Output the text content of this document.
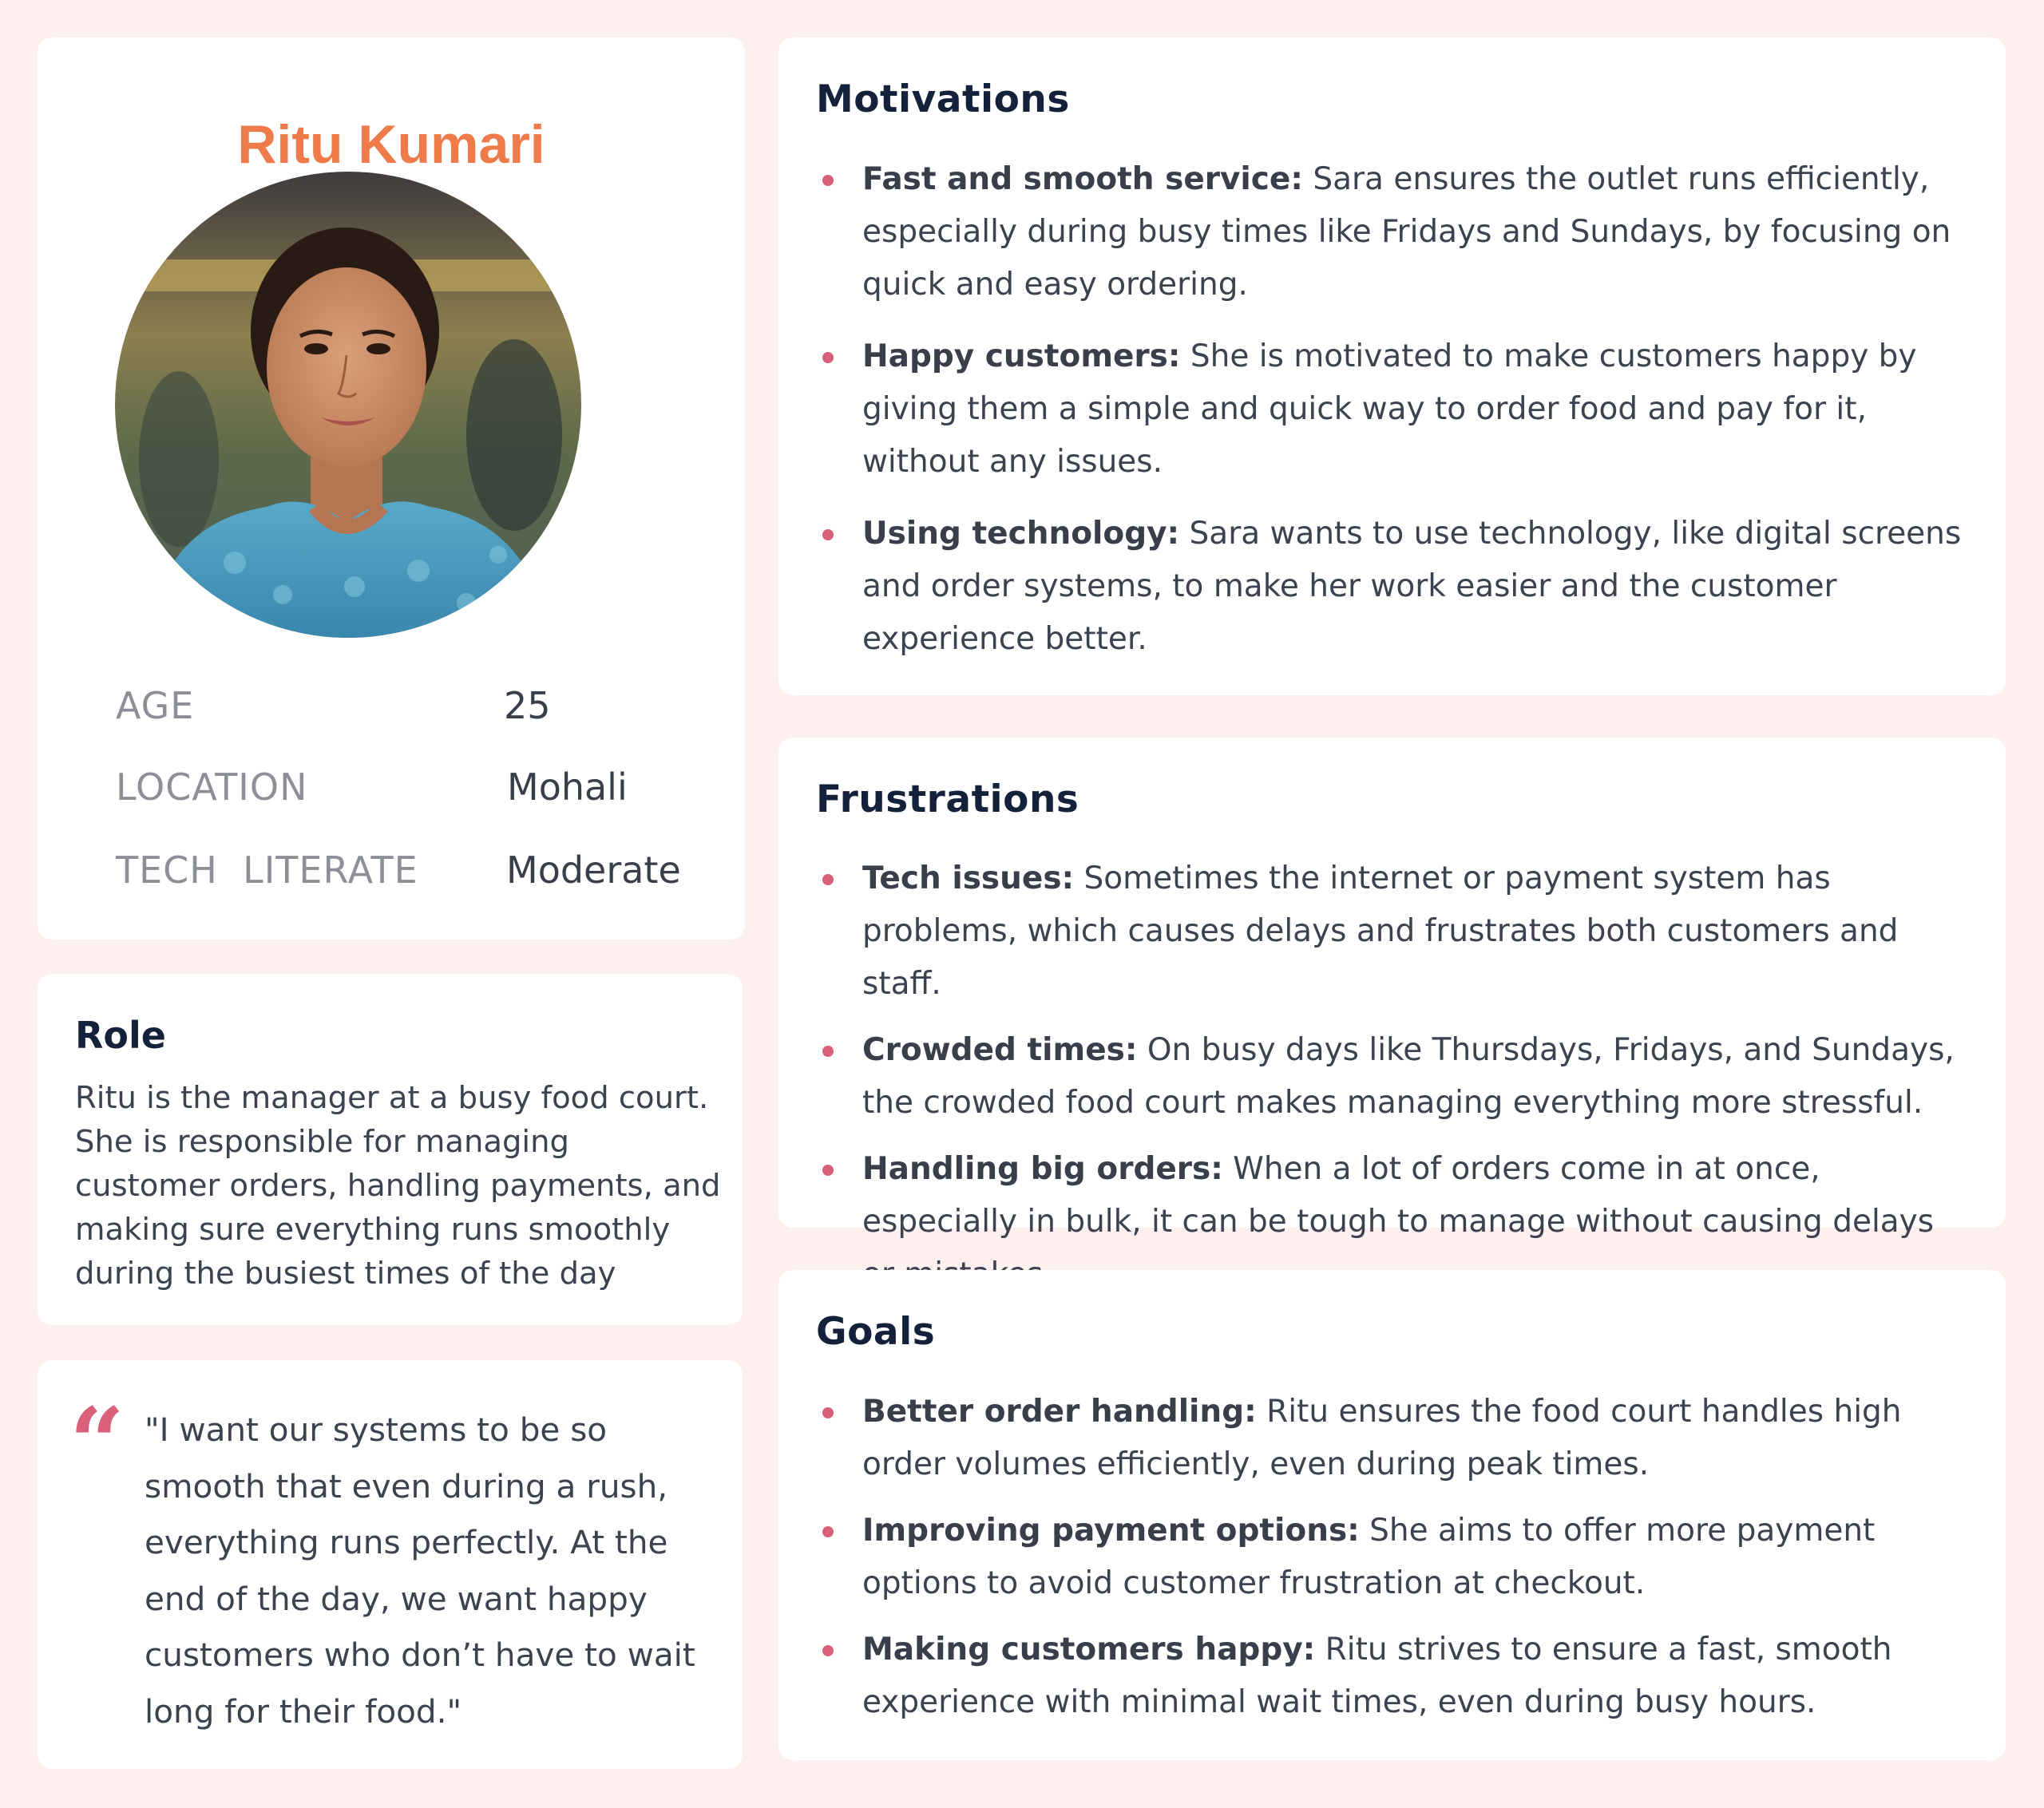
Ritu Kumari
AGE	25
LOCATION	Mohali
TECH  LITERATE Moderate
Role
Ritu is the manager at a busy food court. She is responsible for managing customer orders, handling payments, and making sure everything runs smoothly during the busiest times of the day
“ "I want our systems to be so smooth that even during a rush, everything runs perfectly. At the end of the day, we want happy customers who don’t have to wait long for their food."
Motivations
Fast and smooth service: Sara ensures the outlet runs efficiently, especially during busy times like Fridays and Sundays, by focusing on quick and easy ordering.
Happy customers: She is motivated to make customers happy by giving them a simple and quick way to order food and pay for it, without any issues.
Using technology: Sara wants to use technology, like digital screens and order systems, to make her work easier and the customer experience better.
Frustrations
Tech issues: Sometimes the internet or payment system has problems, which causes delays and frustrates both customers and staff.
Crowded times: On busy days like Thursdays, Fridays, and Sundays, the crowded food court makes managing everything more stressful.
Handling big orders: When a lot of orders come in at once, especially in bulk, it can be tough to manage without causing delays
Goals
Better order handling: Ritu ensures the food court handles high order volumes efficiently, even during peak times.
Improving payment options: She aims to offer more payment options to avoid customer frustration at checkout.
Making customers happy: Ritu strives to ensure a fast, smooth experience with minimal wait times, even during busy hours.
